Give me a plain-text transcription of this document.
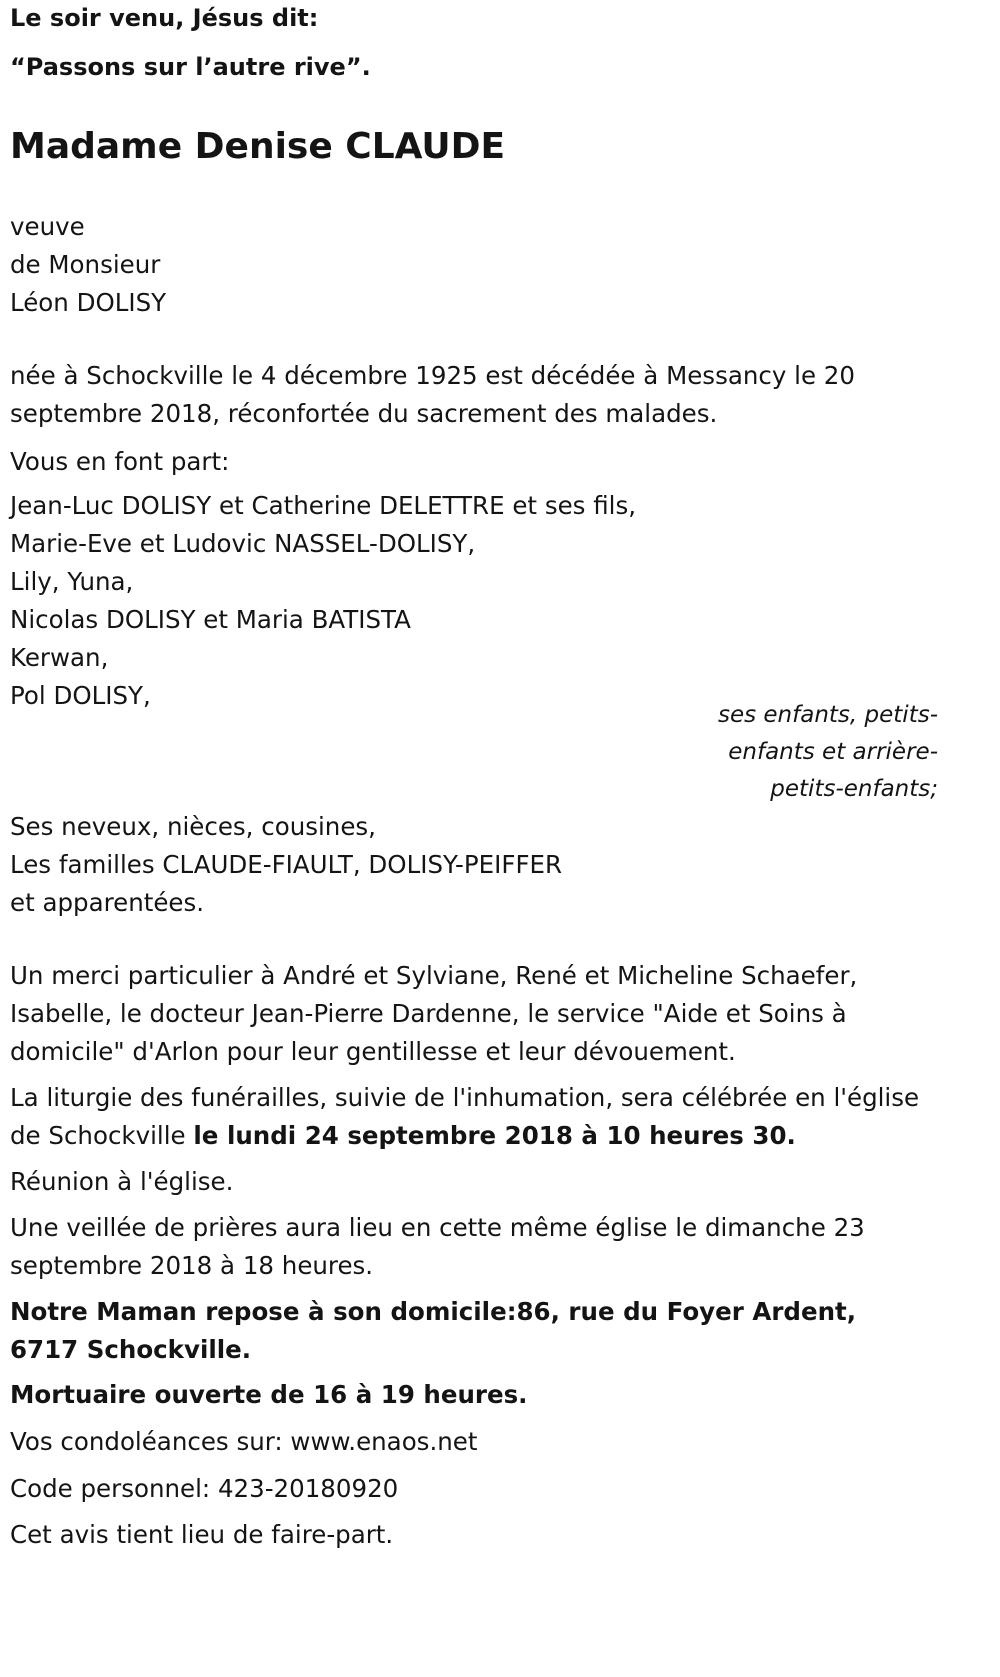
Le soir venu, Jésus dit:
“Passons sur l’autre rive”.
Madame Denise CLAUDE
veuve
de Monsieur
Léon DOLISY
née à Schockville le 4 décembre 1925 est décédée à Messancy le 20 septembre 2018, réconfortée du sacrement des malades.
Vous en font part:
Jean-Luc DOLISY et Catherine DELETTRE et ses fils,
Marie-Eve et Ludovic NASSEL-DOLISY,
Lily, Yuna,
Nicolas DOLISY et Maria BATISTA
Kerwan,
Pol DOLISY,
ses enfants, petits-
enfants et arrière-
petits-enfants;
Ses neveux, nièces, cousines,
Les familles CLAUDE-FIAULT, DOLISY-PEIFFER
et apparentées.
Un merci particulier à André et Sylviane, René et Micheline Schaefer, Isabelle, le docteur Jean-Pierre Dardenne, le service "Aide et Soins à domicile" d'Arlon pour leur gentillesse et leur dévouement.
La liturgie des funérailles, suivie de l'inhumation, sera célébrée en l'église de Schockville le lundi 24 septembre 2018 à 10 heures 30.
Réunion à l'église.
Une veillée de prières aura lieu en cette même église le dimanche 23 septembre 2018 à 18 heures.
Notre Maman repose à son domicile:86, rue du Foyer Ardent, 6717 Schockville.
Mortuaire ouverte de 16 à 19 heures.
Vos condoléances sur: www.enaos.net
Code personnel: 423-20180920
Cet avis tient lieu de faire-part.
